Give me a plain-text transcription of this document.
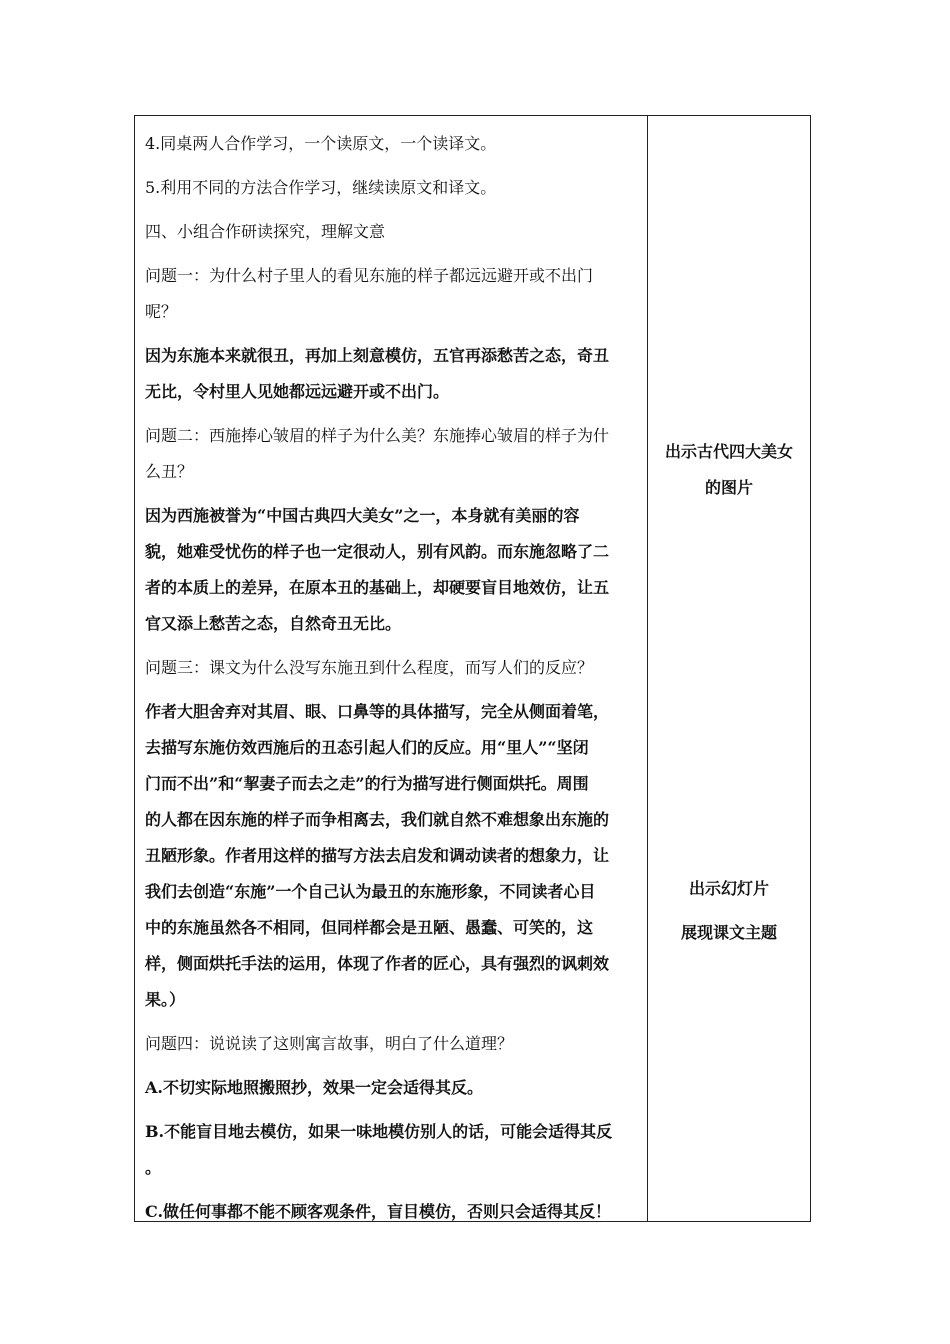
4.同桌两人合作学习，一个读原文，一个读译文。
5.利用不同的方法合作学习，继续读原文和译文。
四、小组合作研读探究，理解文意
问题一：为什么村子里人的看见东施的样子都远远避开或不出门
呢？
因为东施本来就很丑，再加上刻意模仿，五官再添愁苦之态，奇丑
无比，令村里人见她都远远避开或不出门。
问题二：西施捧心皱眉的样子为什么美？东施捧心皱眉的样子为什
么丑？
因为西施被誉为“中国古典四大美女”之一，本身就有美丽的容
貌，她难受忧伤的样子也一定很动人，别有风韵。而东施忽略了二
者的本质上的差异，在原本丑的基础上，却硬要盲目地效仿，让五
官又添上愁苦之态，自然奇丑无比。
问题三：课文为什么没写东施丑到什么程度，而写人们的反应？
作者大胆舍弃对其眉、眼、口鼻等的具体描写，完全从侧面着笔，
去描写东施仿效西施后的丑态引起人们的反应。用“里人”“坚闭
门而不出”和“挈妻子而去之走”的行为描写进行侧面烘托。周围
的人都在因东施的样子而争相离去，我们就自然不难想象出东施的
丑陋形象。作者用这样的描写方法去启发和调动读者的想象力，让
我们去创造“东施”一个自己认为最丑的东施形象，不同读者心目
中的东施虽然各不相同，但同样都会是丑陋、愚蠢、可笑的，这
样，侧面烘托手法的运用，体现了作者的匠心，具有强烈的讽刺效
果。）
问题四：说说读了这则寓言故事，明白了什么道理？
A.不切实际地照搬照抄，效果一定会适得其反。
B.不能盲目地去模仿，如果一味地模仿别人的话，可能会适得其反
。
C.做任何事都不能不顾客观条件，盲目模仿，否则只会适得其反！
出示古代四大美女
的图片
出示幻灯片
展现课文主题
